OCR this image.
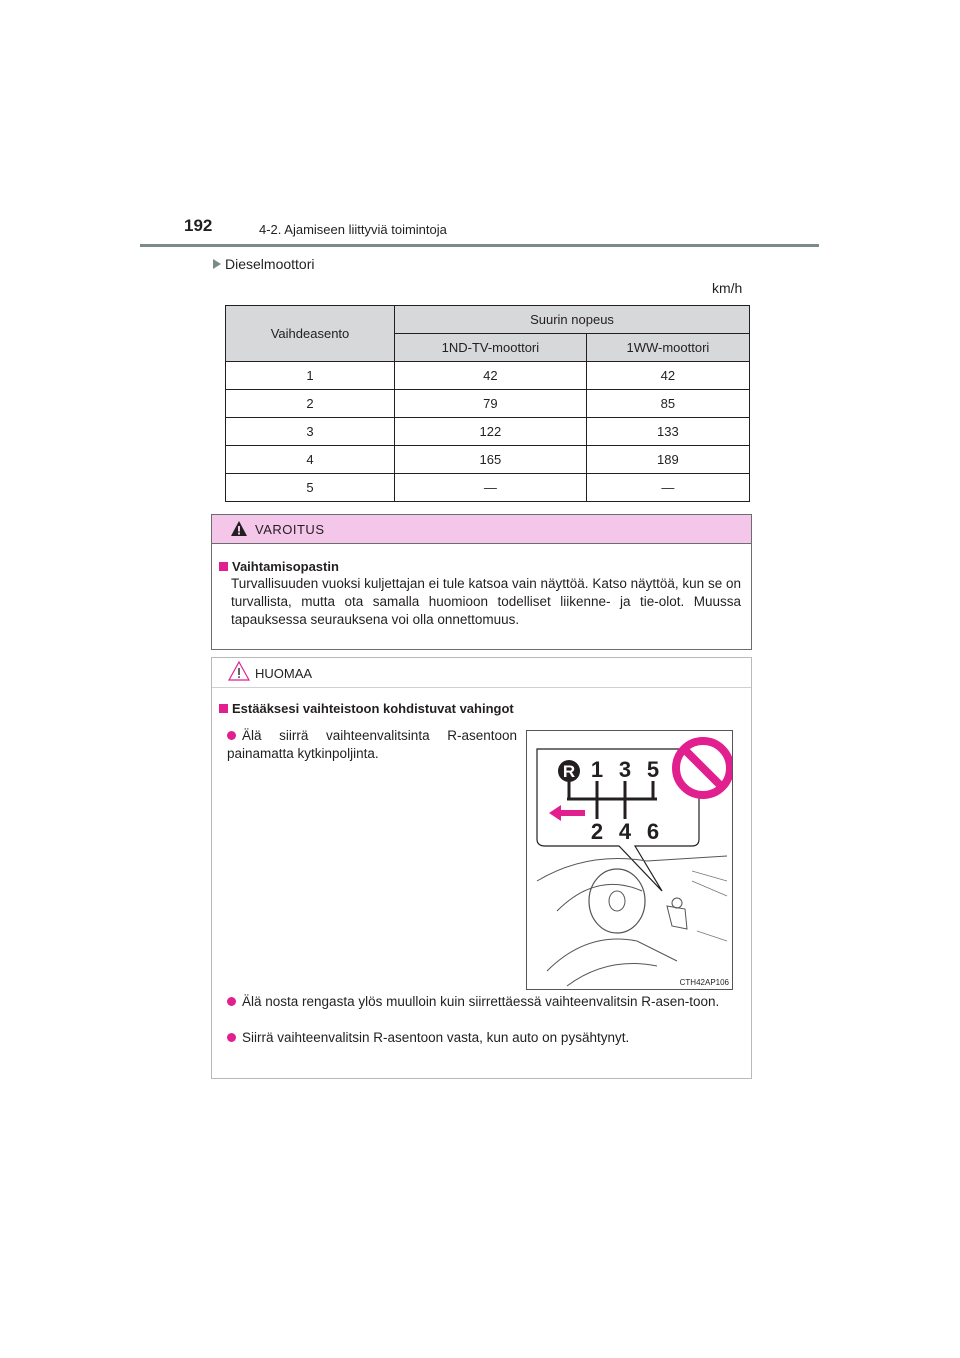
192	4-2. Ajamiseen liittyviä toimintoja
Dieselmoottori
km/h
Vaihdeasento	Suurin nopeus	
	1ND-TV-moottori	1WW-moottori
1	42	42
2	79	85
3	122	133
4	165	189
5	—	—
VAROITUS
Vaihtamisopastin
Turvallisuuden vuoksi kuljettajan ei tule katsoa vain näyttöä. Katso näyttöä, kun se on turvallista, mutta ota samalla huomioon todelliset liikenne- ja tie-olot. Muussa tapauksessa seurauksena voi olla onnettomuus.
HUOMAA
Estääksesi vaihteistoon kohdistuvat vahingot
Älä siirrä vaihteenvalitsinta R-asentoon painamatta kytkinpoljinta.
R 1 3 5
2 4 6
CTH42AP106
Älä nosta rengasta ylös muulloin kuin siirrettäessä vaihteenvalitsin R-asen-toon.
Siirrä vaihteenvalitsin R-asentoon vasta, kun auto on pysähtynyt.
